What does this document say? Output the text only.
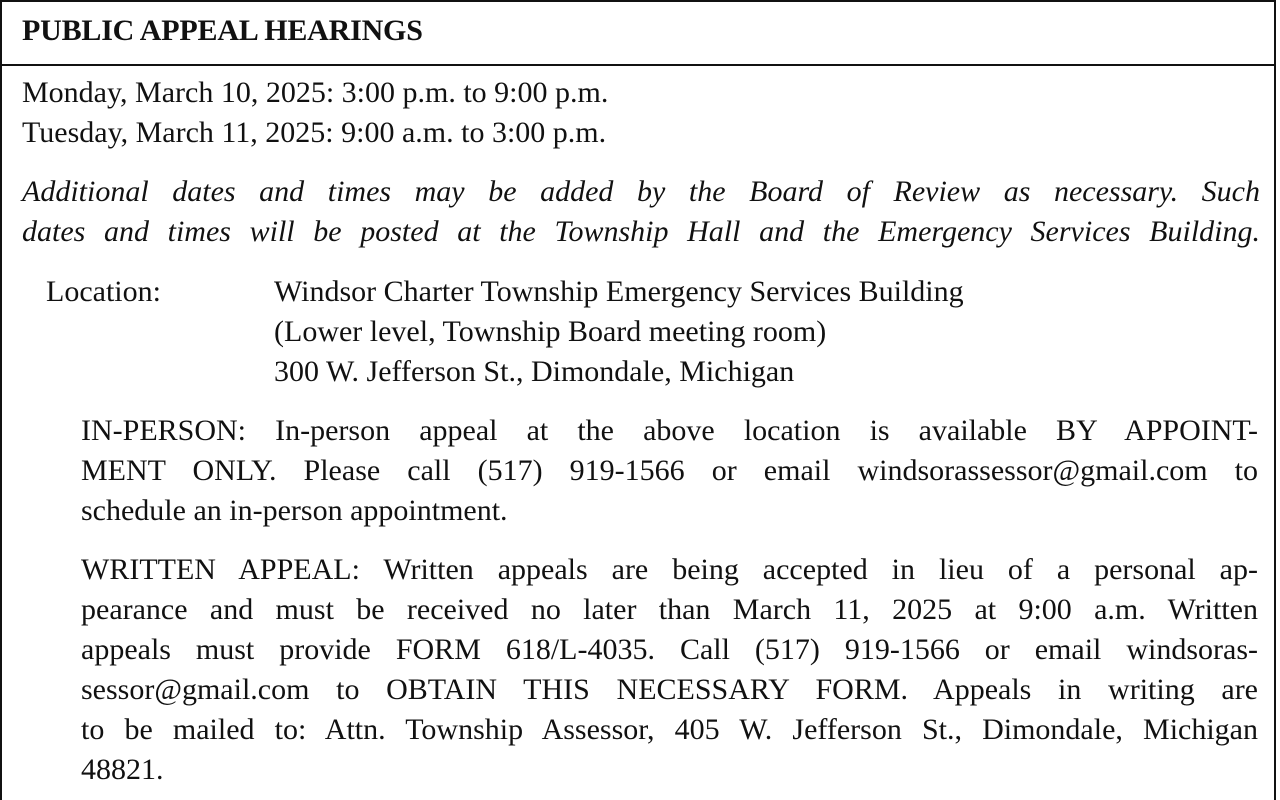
PUBLIC APPEAL HEARINGS
Monday, March 10, 2025: 3:00 p.m. to 9:00 p.m.
Tuesday, March 11, 2025: 9:00 a.m. to 3:00 p.m.
Additional dates and times may be added by the Board of Review as necessary. Such
dates and times will be posted at the Township Hall and the Emergency Services Building.
Location:	Windsor Charter Township Emergency Services Building
(Lower level, Township Board meeting room)
300 W. Jefferson St., Dimondale, Michigan
IN-PERSON: In-person appeal at the above location is available BY APPOINT-
MENT ONLY. Please call (517) 919-1566 or email windsorassessor@gmail.com to
schedule an in-person appointment.
WRITTEN APPEAL: Written appeals are being accepted in lieu of a personal ap-
pearance and must be received no later than March 11, 2025 at 9:00 a.m. Written
appeals must provide FORM 618/L-4035. Call (517) 919-1566 or email windsoras-
sessor@gmail.com to OBTAIN THIS NECESSARY FORM. Appeals in writing are
to be mailed to: Attn. Township Assessor, 405 W. Jefferson St., Dimondale, Michigan
48821.
